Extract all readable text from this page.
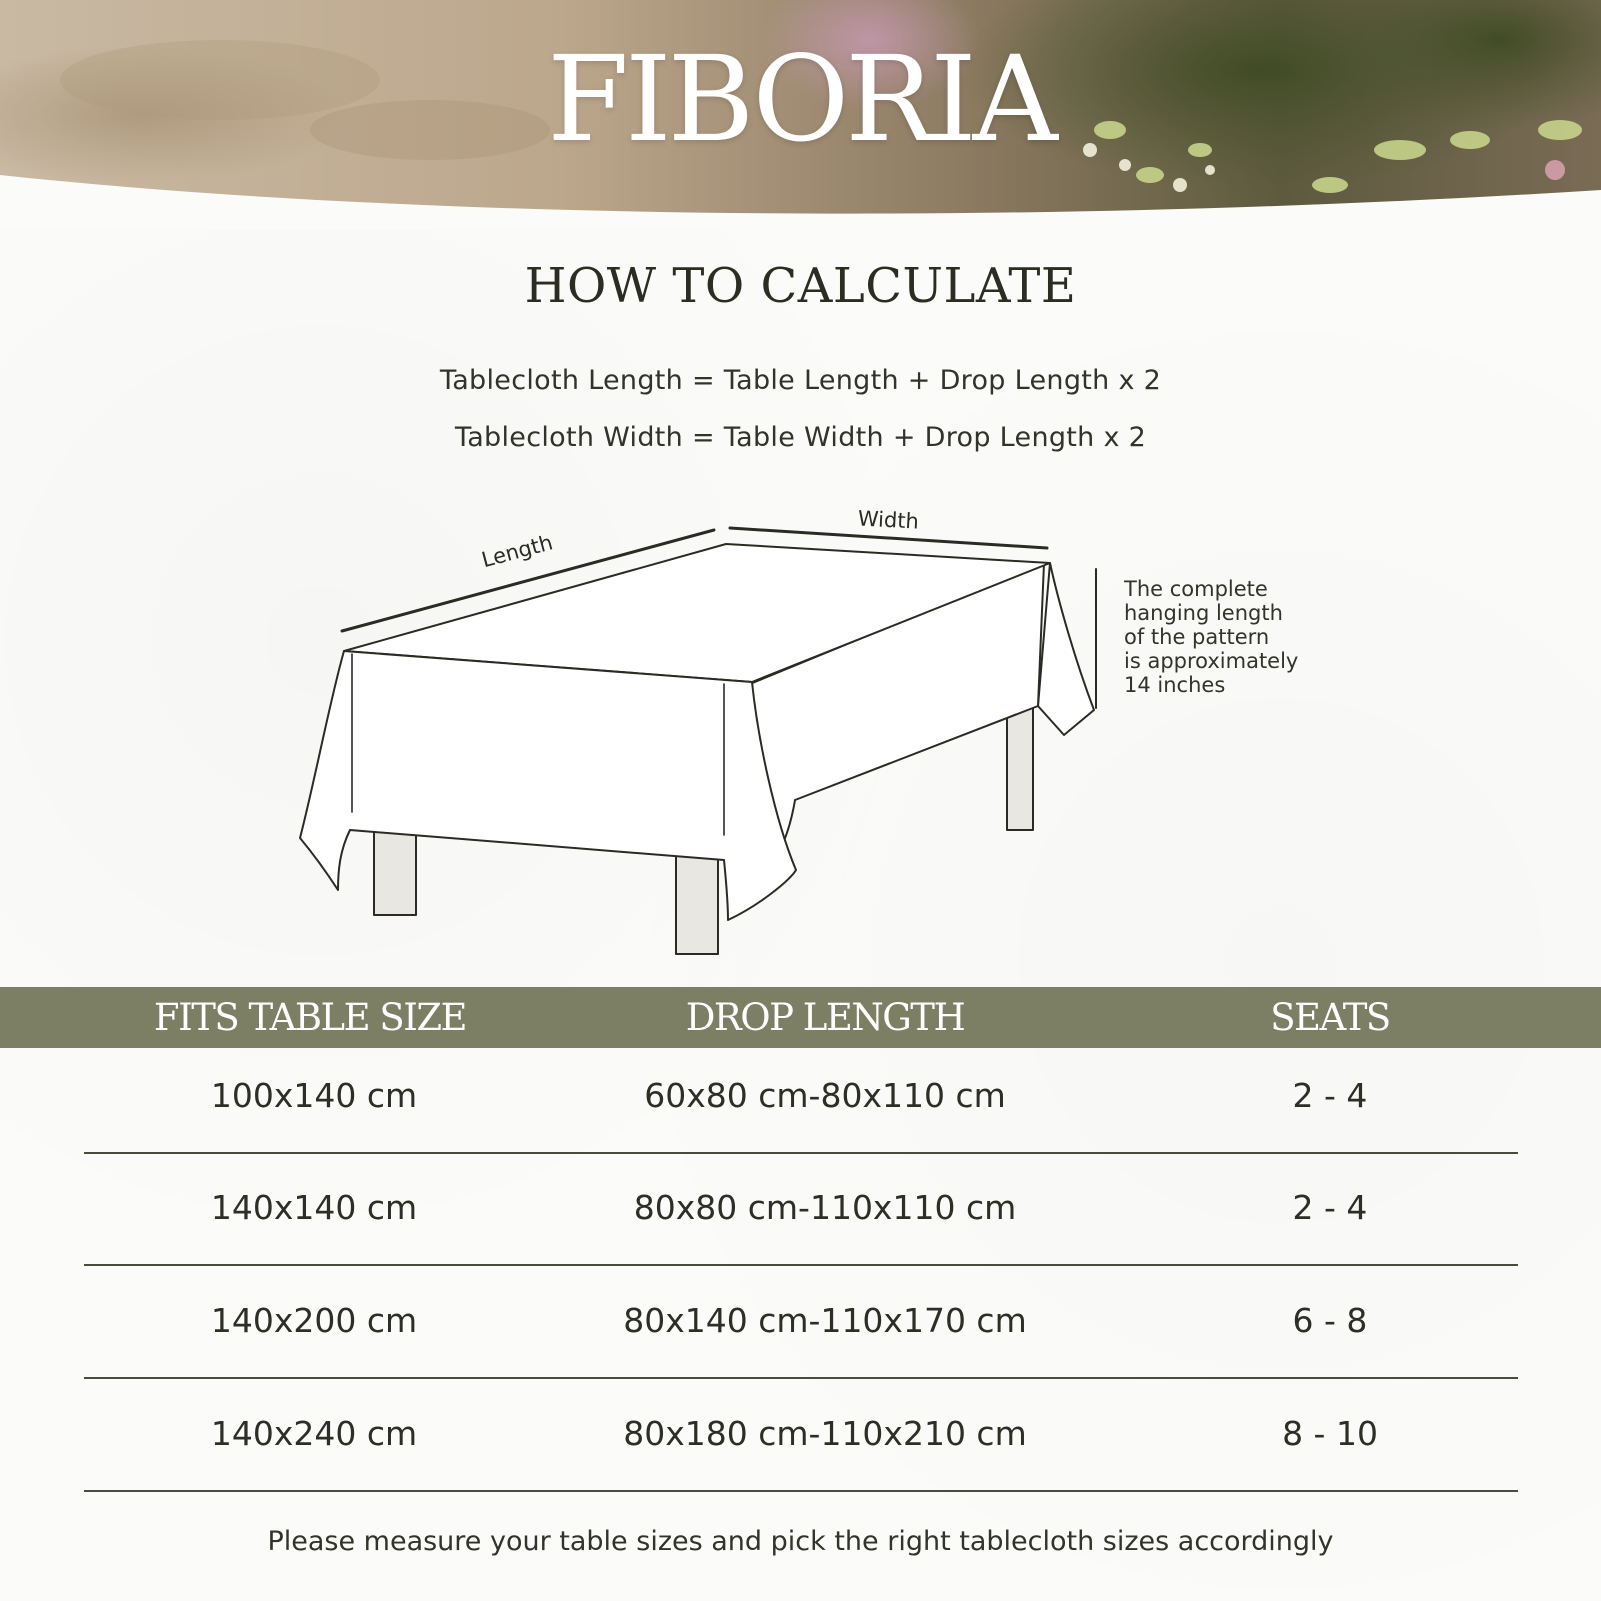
FIBORIA
HOW TO CALCULATE
Tablecloth Length = Table Length + Drop Length x 2
Tablecloth Width = Table Width + Drop Length x 2
Length
Width
The complete
hanging length
of the pattern
is approximately
14 inches
FITS TABLE SIZE	DROP LENGTH	SEATS
100x140 cm	60x80 cm-80x110 cm	2 - 4
140x140 cm	80x80 cm-110x110 cm	2 - 4
140x200 cm	80x140 cm-110x170 cm	6 - 8
140x240 cm	80x180 cm-110x210 cm	8 - 10
Please measure your table sizes and pick the right tablecloth sizes accordingly
